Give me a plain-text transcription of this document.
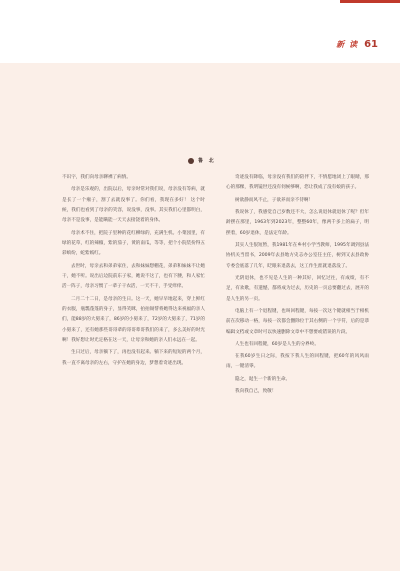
新 读 61
鲁 北

不识字，我们向母亲聊裸了病情。

母亲是乐观的，出院以后，母亲时常对我们说，母亲没有等病，就是长了一个瘤子，割了去就没事了。你们看，我现在多好！ 这个时候，我们也看到了母亲的笑容，说没事，没事。其实我们心里都明白，母亲不是没事，是能瞒能一天天去接饶着的身体。

母亲术不住，把院子里种的花红柳绿的，充满生机。小菜园里，有绿的花草，红的辣椒，紫的茄子，黄的南瓜，等等，把个小院装扮得五彩缤纷，蛇紫嫣红。

去世时，母亲去和弟弟家住，去和妹妹想棚花，弟弟和妹妹不让她干，她不听。说出后边院前东子家，她说不这了，也有下腰，和人家忙活一阵子，母亲习惯了一辈子干农活，一天不干，手受痒痒。

二月二十二日，是母亲的生日。这一天，她早早地起来，穿上鲜红的衣服，瓶瓢蓬蓬的身子，显得笑眯，拍拍锡帮将她得达来祝福的亲人们，能88岁的大舅来了，86岁的小舅来了，72岁的大舅来了，71岁的小舅来了，还有她那些哥哥辈的哥哥辈哥我们的来了，多么美好的时光啊！我好想让时光定格在这一天，让母亲和她的亲人们永远在一起。

生日过后，母亲躺下了，再也没有起来。躺下来的短短的两个月，我一直不离母亲的左右，守护在她的身边，梦想着奇迹出现。

奇迹没有降临，母亲没有我们的陪伴下，不情愿地闭上了眼睛，那心的那棵，我明镜世还没有伺候够啊，您让我成了没有娘的孩子。

树欲静而风不止，子欲养而亲不待啊！

我说休了，我感觉自己岁数还不大，怎么说退休就退休了呢？但年龄摆在那里，1963年到2023年，整整60年，像两千多上的扁子，明摆着，60岁退休，是法定年龄。

其实人生很短暂，我1981年在乡村小学当教师，1995年调到县法协机关当留书，2009年去县地方史志办公室任主任，树到又去县政协专委会底落了几年，眨眼来退落去，这工作生涯就退落没了。

光阴退休，也不见是人生的一种其好，回忆过往，有成绩，有不足，有欢歌，有遗憾，都将成为过去，历史的一页总要翻过去，展开的是人生的另一页。

电脑上有一个退程键，也叫回程键，每按一次这个键就相当于相机前在次移动一格，每按一次都会删除位于其右侧的一个字符，后的是恭编辑文档或文章时可以快速删除文章中不想要或错误的片段。

人生也有回程键，60岁是人生的分界岭。

在我60岁生日之际，我按下我人生的回程键，把60年的风风雨雨，一键清零。

隐之，诞生一个新的生命。

我向我自己，致敬！
